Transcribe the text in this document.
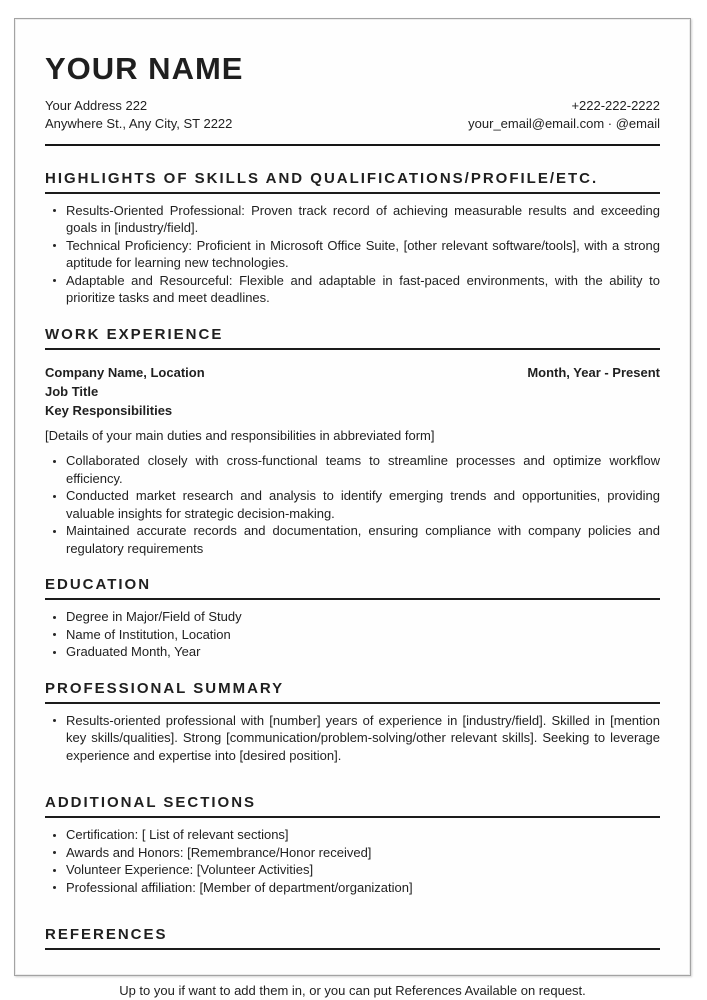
YOUR NAME
Your Address 222
Anywhere St., Any City, ST 2222
+222-222-2222
your_email@email.com · @email
HIGHLIGHTS OF SKILLS AND QUALIFICATIONS/PROFILE/ETC.
Results-Oriented Professional: Proven track record of achieving measurable results and exceeding goals in [industry/field].
Technical Proficiency: Proficient in Microsoft Office Suite, [other relevant software/tools], with a strong aptitude for learning new technologies.
Adaptable and Resourceful: Flexible and adaptable in fast-paced environments, with the ability to prioritize tasks and meet deadlines.
WORK EXPERIENCE
Company Name, Location	Month, Year - Present
Job Title
Key Responsibilities
[Details of your main duties and responsibilities in abbreviated form]
Collaborated closely with cross-functional teams to streamline processes and optimize workflow efficiency.
Conducted market research and analysis to identify emerging trends and opportunities, providing valuable insights for strategic decision-making.
Maintained accurate records and documentation, ensuring compliance with company policies and regulatory requirements
EDUCATION
Degree in Major/Field of Study
Name of Institution, Location
Graduated Month, Year
PROFESSIONAL SUMMARY
Results-oriented professional with [number] years of experience in [industry/field]. Skilled in [mention key skills/qualities]. Strong [communication/problem-solving/other relevant skills]. Seeking to leverage experience and expertise into [desired position].
ADDITIONAL SECTIONS
Certification: [ List of relevant sections]
Awards and Honors: [Remembrance/Honor received]
Volunteer Experience: [Volunteer Activities]
Professional affiliation: [Member of department/organization]
REFERENCES
Up to you if want to add them in, or you can put References Available on request.
